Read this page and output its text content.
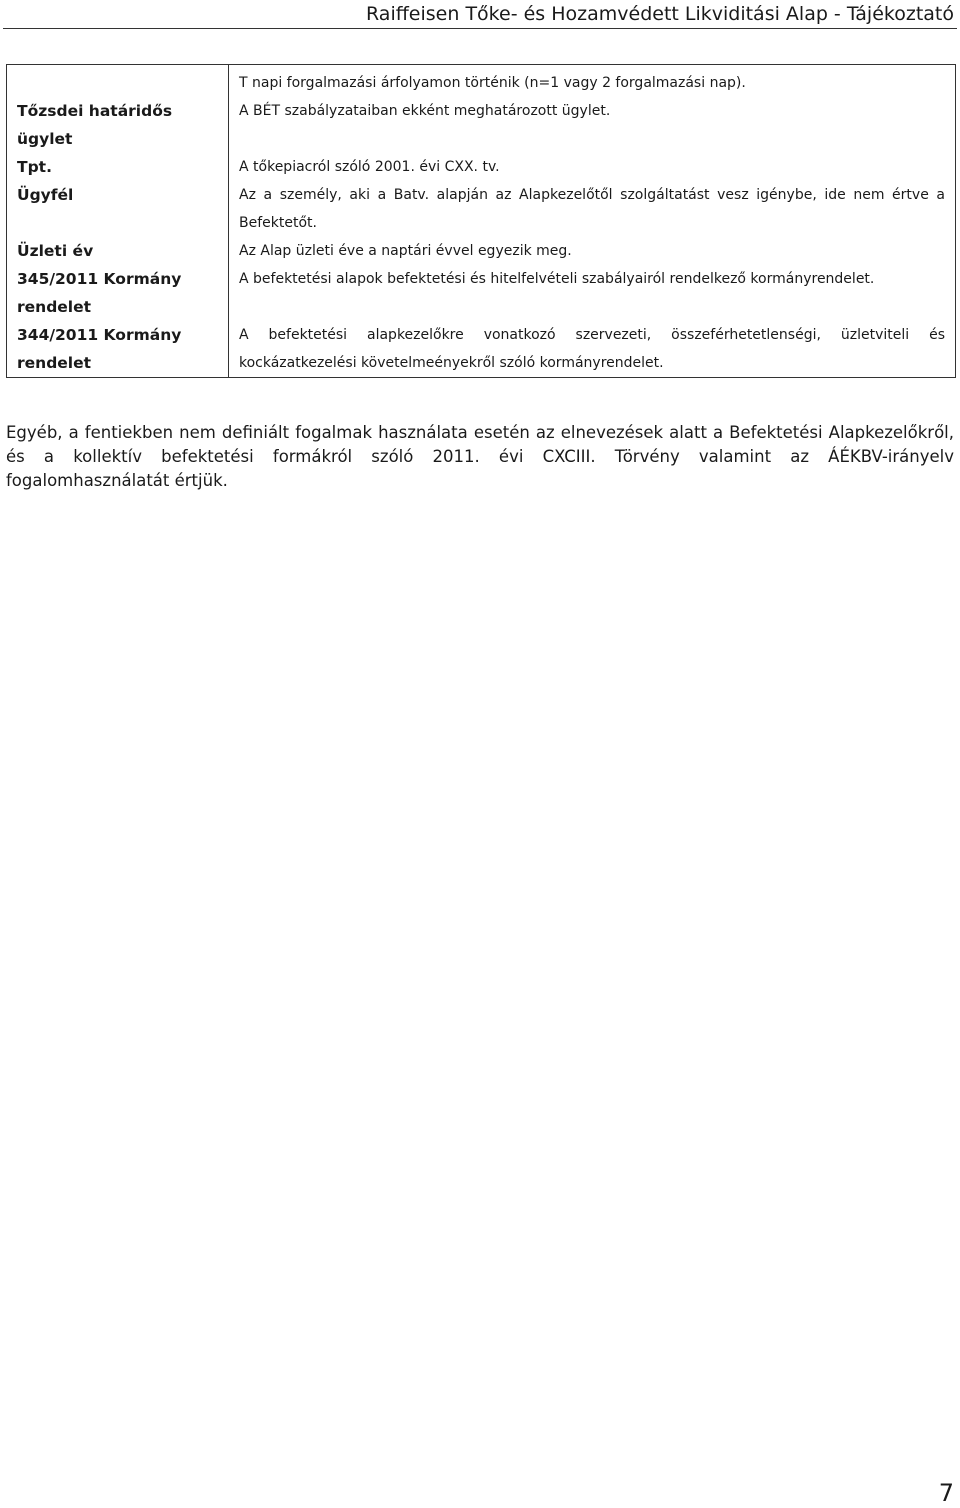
Raiffeisen Tőke- és Hozamvédett Likviditási Alap - Tájékoztató
	T napi forgalmazási árfolyamon történik (n=1 vagy 2 forgalmazási nap).
Tőzsdei határidős ügylet	A BÉT szabályzataiban ekként meghatározott ügylet.
Tpt.	A tőkepiacról szóló 2001. évi CXX. tv.
Ügyfél	Az a személy, aki a Batv. alapján az Alapkezelőtől szolgáltatást vesz igénybe, ide nem értve a Befektetőt.
Üzleti év	Az Alap üzleti éve a naptári évvel egyezik meg.
345/2011 Kormány rendelet	A befektetési alapok befektetési és hitelfelvételi szabályairól rendelkező kormányrendelet.
344/2011 Kormány rendelet	A befektetési alapkezelőkre vonatkozó szervezeti, összeférhetetlenségi, üzletviteli és kockázatkezelési követelmeényekről szóló kormányrendelet.

Egyéb, a fentiekben nem definiált fogalmak használata esetén az elnevezések alatt a Befektetési Alapkezelőkről, és a kollektív befektetési formákról szóló 2011. évi CXCIII. Törvény valamint az ÁÉKBV-irányelv fogalomhasználatát értjük.

7
